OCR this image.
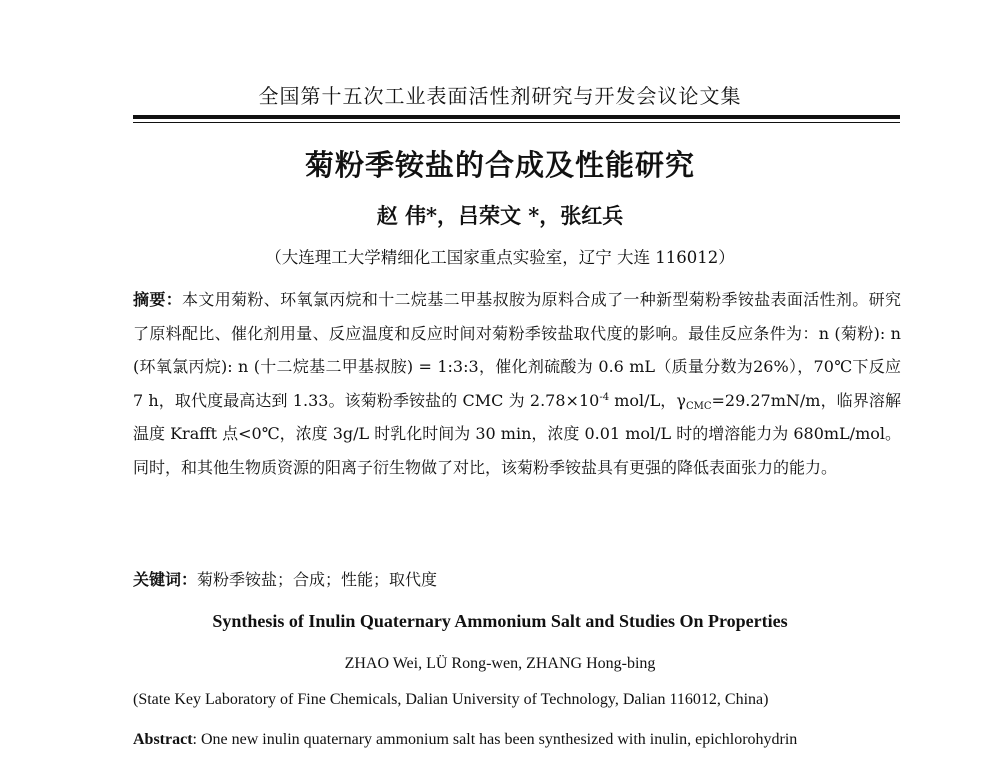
全国第十五次工业表面活性剂研究与开发会议论文集
菊粉季铵盐的合成及性能研究
赵 伟*，吕荣文 *，张红兵
（大连理工大学精细化工国家重点实验室，辽宁 大连 116012）
摘要：本文用菊粉、环氧氯丙烷和十二烷基二甲基叔胺为原料合成了一种新型菊粉季铵盐表面活性剂。研究了原料配比、催化剂用量、反应温度和反应时间对菊粉季铵盐取代度的影响。最佳反应条件为：n (菊粉): n (环氧氯丙烷): n (十二烷基二甲基叔胺) = 1:3:3，催化剂硫酸为 0.6 mL（质量分数为26%），70℃下反应 7 h，取代度最高达到 1.33。该菊粉季铵盐的 CMC 为 $2.78\times 10^{-4}$ mol/L，$\gamma_{CMC}=29.27mN/m$，临界溶解温度 Krafft 点<0℃，浓度 3g/L 时乳化时间为 30 min，浓度 0.01 mol/L 时的增溶能力为 680mL/mol。同时，和其他生物质资源的阳离子衍生物做了对比，该菊粉季铵盐具有更强的降低表面张力的能力。
关键词：菊粉季铵盐；合成；性能；取代度
Synthesis of Inulin Quaternary Ammonium Salt and Studies On Properties
ZHAO Wei, LÜ Rong-wen, ZHANG Hong-bing
(State Key Laboratory of Fine Chemicals, Dalian University of Technology, Dalian 116012, China)
Abstract: One new inulin quaternary ammonium salt has been synthesized with inulin, epichlorohydrin
